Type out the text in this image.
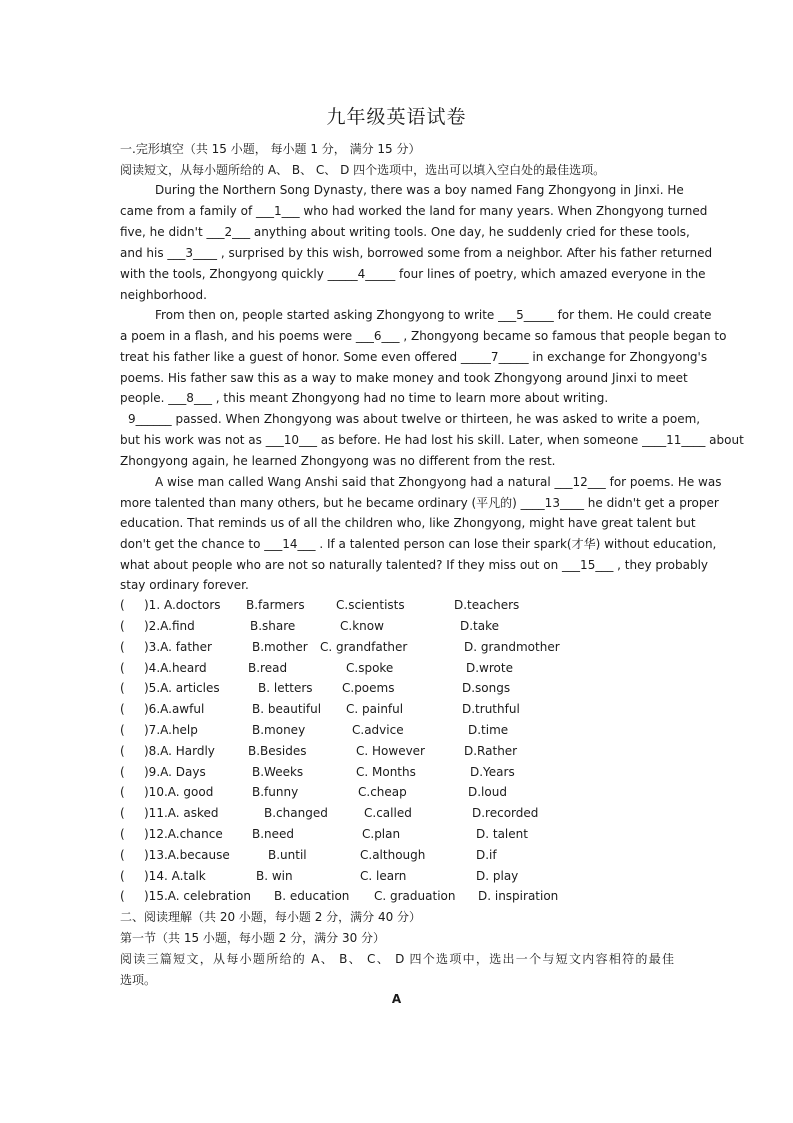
九年级英语试卷
一.完形填空（共 15 小题， 每小题 1 分， 满分 15 分）
阅读短文，从每小题所给的 A、 B、 C、 D 四个选项中，选出可以填入空白处的最佳选项。
During the Northern Song Dynasty, there was a boy named Fang Zhongyong in Jinxi. He
came from a family of ___1___ who had worked the land for many years. When Zhongyong turned
five, he didn't ___2___ anything about writing tools. One day, he suddenly cried for these tools,
and his ___3____ , surprised by this wish, borrowed some from a neighbor. After his father returned
with the tools, Zhongyong quickly _____4_____ four lines of poetry, which amazed everyone in the
neighborhood.
From then on, people started asking Zhongyong to write ___5_____ for them. He could create
a poem in a flash, and his poems were ___6___ , Zhongyong became so famous that people began to
treat his father like a guest of honor. Some even offered _____7_____ in exchange for Zhongyong's
poems. His father saw this as a way to make money and took Zhongyong around Jinxi to meet
people. ___8___ , this meant Zhongyong had no time to learn more about writing.
9______ passed. When Zhongyong was about twelve or thirteen, he was asked to write a poem,
but his work was not as ___10___ as before. He had lost his skill. Later, when someone ____11____ about
Zhongyong again, he learned Zhongyong was no different from the rest.
A wise man called Wang Anshi said that Zhongyong had a natural ___12___ for poems. He was
more talented than many others, but he became ordinary (平凡的) ____13____ he didn't get a proper
education. That reminds us of all the children who, like Zhongyong, might have great talent but
don't get the chance to ___14___ . If a talented person can lose their spark(才华) without education,
what about people who are not so naturally talented? If they miss out on ___15___ , they probably
stay ordinary forever.
( )1. A.doctors B.farmers	C.scientists	D.teachers
( )2.A.find	B.share	C.know	D.take
( )3.A. father	B.mother C. grandfather	D. grandmother
( )4.A.heard	B.read	C.spoke	D.wrote
( )5.A. articles	B. letters C.poems	D.songs
( )6.A.awful	B. beautiful C. painful	D.truthful
( )7.A.help	B.money	C.advice	D.time
( )8.A. Hardly	B.Besides	C. However	D.Rather
( )9.A. Days	B.Weeks	C. Months	D.Years
( )10.A. good	B.funny	C.cheap	D.loud
( )11.A. asked	B.changed	C.called	D.recorded
( )12.A.chance B.need	C.plan	D. talent
( )13.A.because	B.until	C.although	D.if
( )14. A.talk	B. win	C. learn	D. play
( )15.A. celebration B. education C. graduation D. inspiration
二、阅读理解（共 20 小题，每小题 2 分，满分 40 分）
第一节（共 15 小题，每小题 2 分，满分 30 分）
阅读三篇短文，从每小题所给的 A、 B、 C、 D 四个选项中，选出一个与短文内容相符的最佳
选项。
A
